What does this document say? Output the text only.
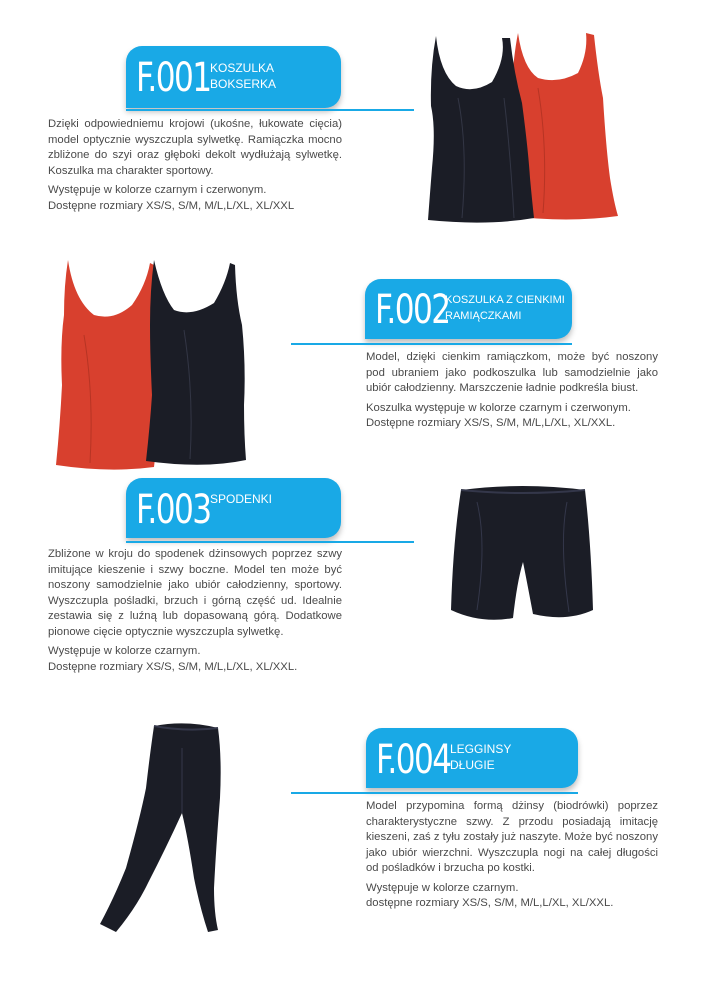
F.001 KOSZULKA
BOKSERKA

Dzięki odpowiedniemu krojowi (ukośne, łukowate cięcia) model optycznie wyszczupla sylwetkę. Ramiączka mocno zbliżone do szyi oraz głęboki dekolt wydłużają sylwetkę. Koszulka ma charakter sportowy.

Występuje w kolorze czarnym i czerwonym.

Dostępne rozmiary XS/S, S/M, M/L,L/XL, XL/XXL

F.002
KOSZULKA Z CIENKIMI
RAMIĄCZKAMI

Model, dzięki cienkim ramiączkom, może być noszony pod ubraniem jako podkoszulka lub samodzielnie jako ubiór całodzienny. Marszczenie ładnie podkreśla biust.

Koszulka występuje w kolorze czarnym i czerwonym.

Dostępne rozmiary XS/S, S/M, M/L,L/XL, XL/XXL.

F.003 SPODENKI

Zbliżone w kroju do spodenek dżinsowych poprzez szwy imitujące kieszenie i szwy boczne. Model ten może być noszony samodzielnie jako ubiór całodzienny, sportowy. Wyszczupla pośladki, brzuch i górną część ud. Idealnie zestawia się z luźną lub dopasowaną górą. Dodatkowe pionowe cięcie optycznie wyszczupla sylwetkę.

Występuje w kolorze czarnym.

Dostępne rozmiary XS/S, S/M, M/L,L/XL, XL/XXL.

F.004 LEGGINSY
DŁUGIE

Model przypomina formą dżinsy (biodrówki) poprzez charakterystyczne szwy. Z przodu posiadają imitację kieszeni, zaś z tyłu zostały już naszyte. Może być noszony jako ubiór wierzchni. Wyszczupla nogi na całej długości od pośladków i brzucha po kostki.

Występuje w kolorze czarnym.

dostępne rozmiary XS/S, S/M, M/L,L/XL, XL/XXL.
